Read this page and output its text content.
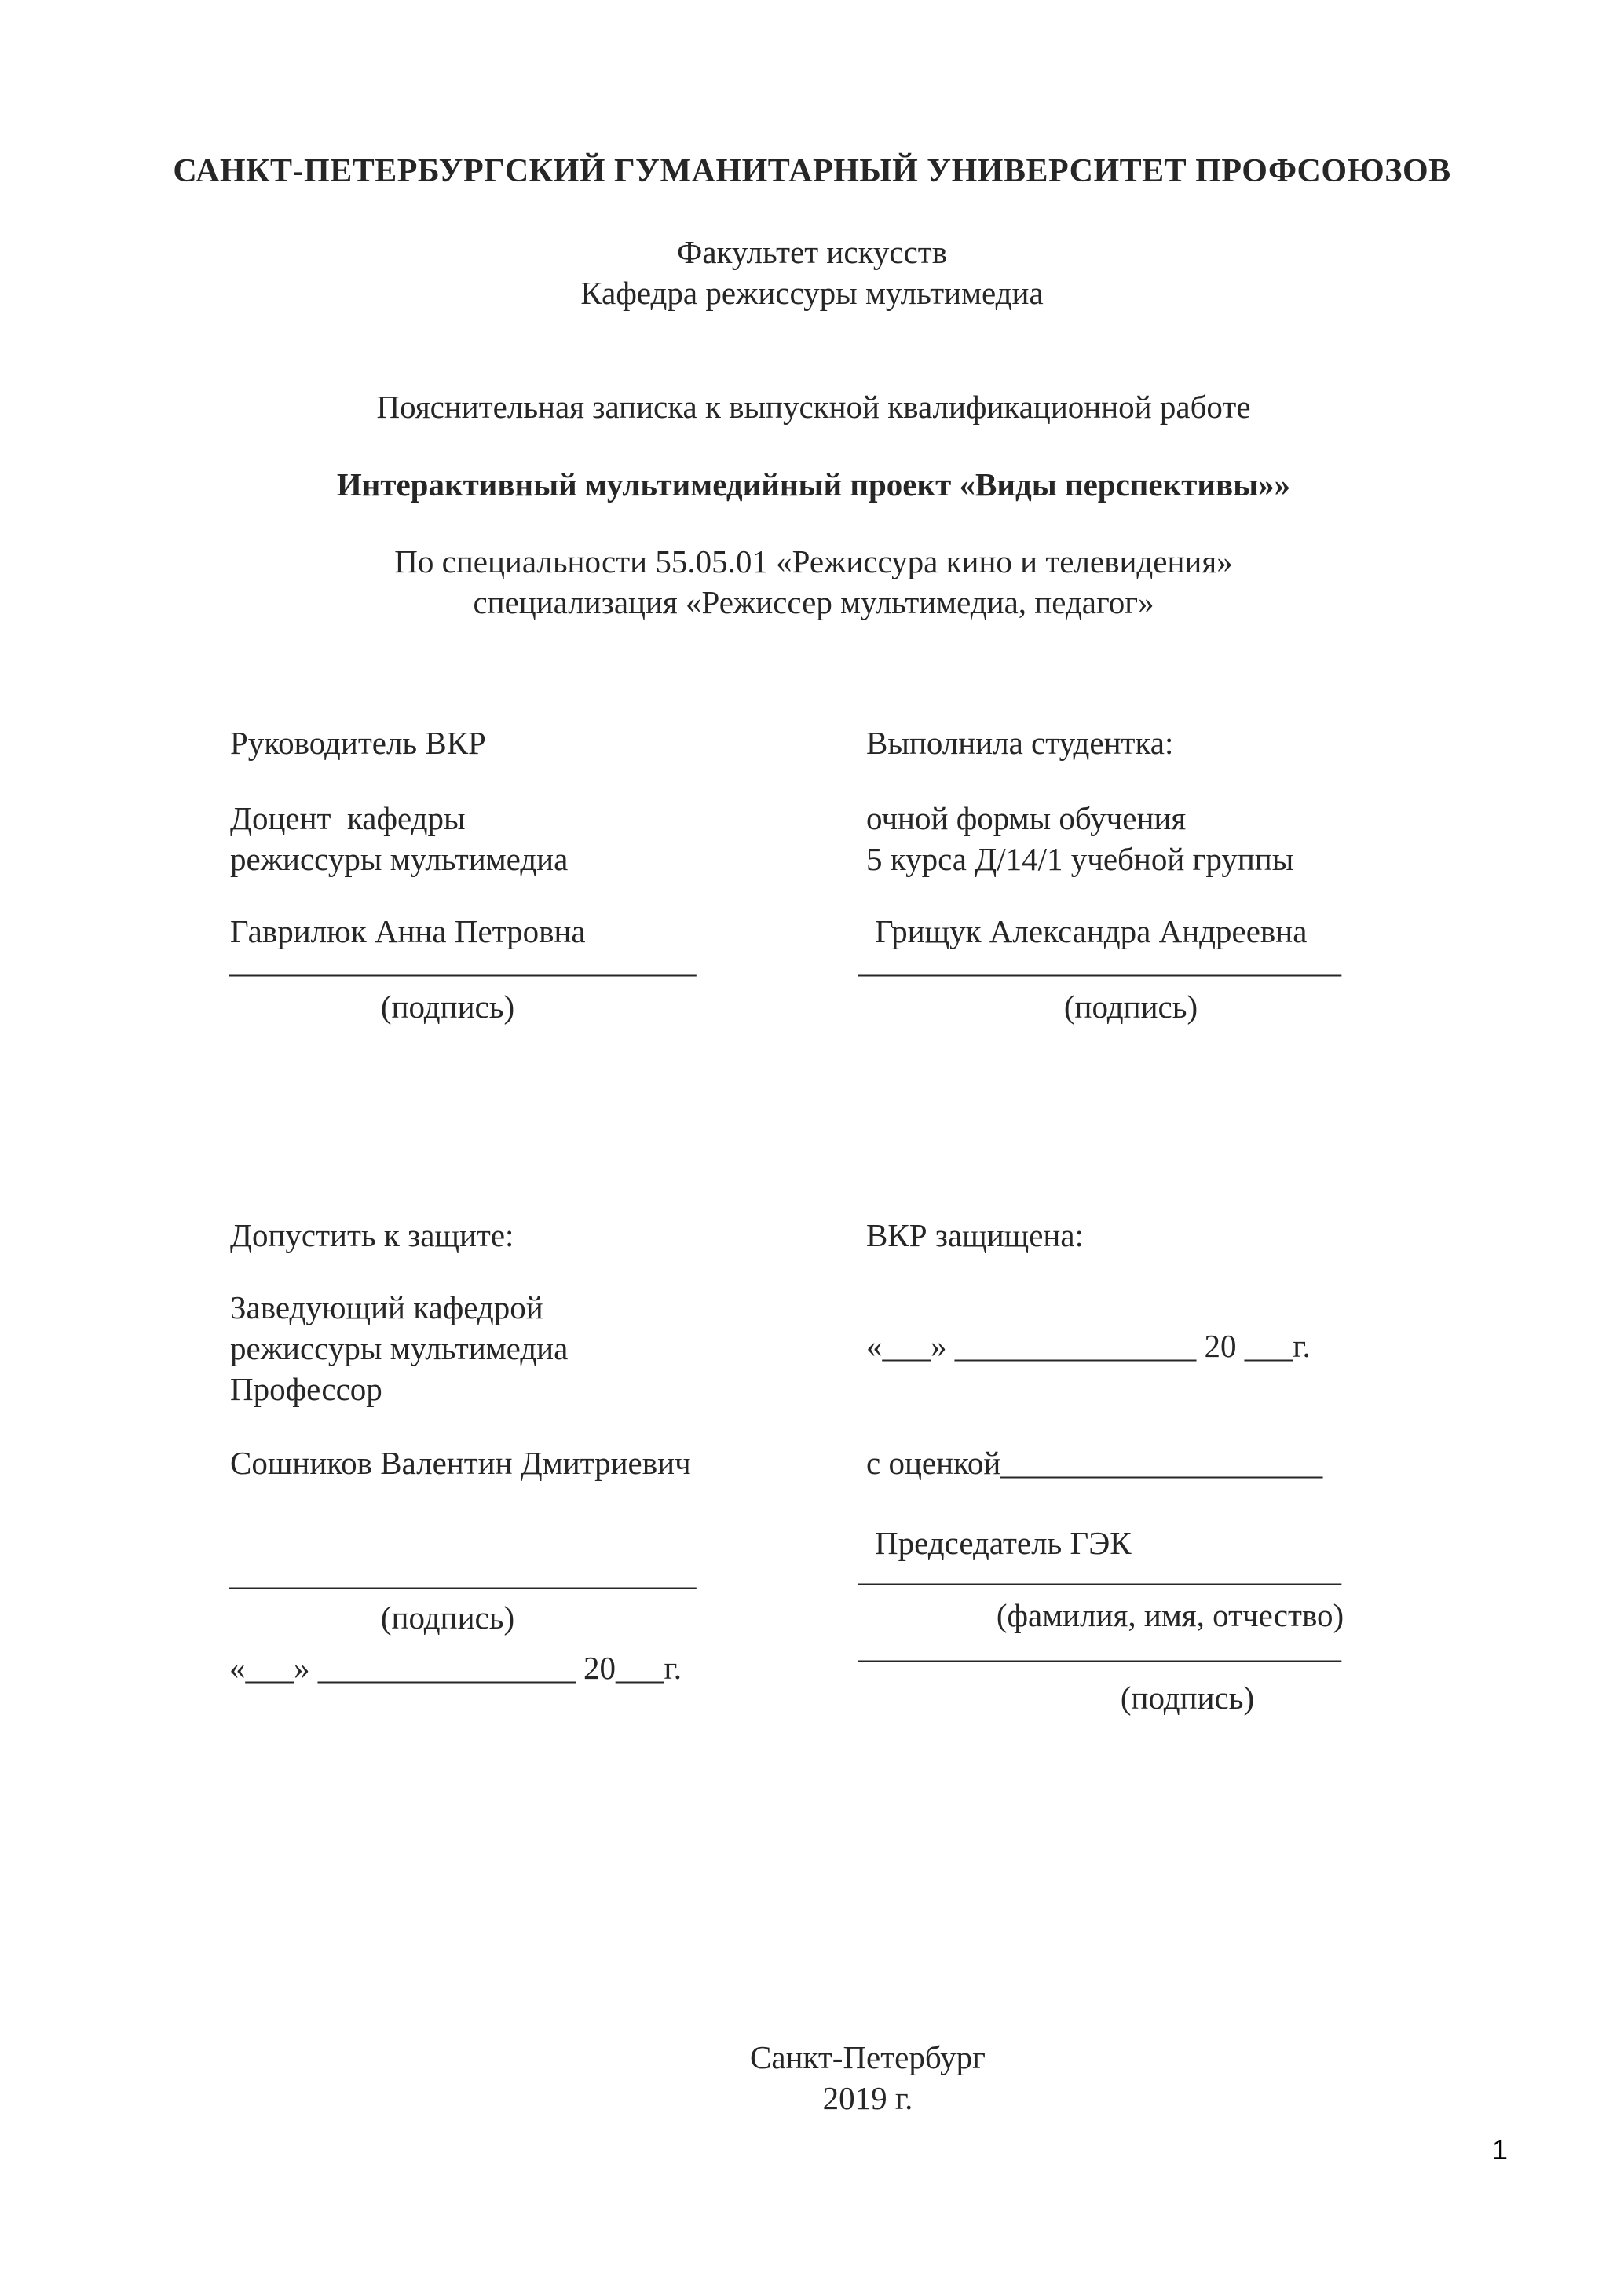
САНКТ-ПЕТЕРБУРГСКИЙ ГУМАНИТАРНЫЙ УНИВЕРСИТЕТ ПРОФСОЮЗОВ
Факультет искусств
Кафедра режиссуры мультимедиа
Пояснительная записка к выпускной квалификационной работе
Интерактивный мультимедийный проект «Виды перспективы»»
По специальности 55.05.01 «Режиссура кино и телевидения»
специализация «Режиссер мультимедиа, педагог»
Руководитель ВКР
Доцент  кафедры
режиссуры мультимедиа
Гаврилюк Анна Петровна
_____________________________
(подпись)
Выполнила студентка:
очной формы обучения
5 курса Д/14/1 учебной группы
Грищук Александра Андреевна
______________________________
(подпись)
Допустить к защите:
Заведующий кафедрой
режиссуры мультимедиа
Профессор
Сошников Валентин Дмитриевич
_____________________________
(подпись)
«___» ________________ 20___г.
ВКР защищена:
«___» _______________ 20 ___г.
с оценкой____________________
Председатель ГЭК
______________________________
(фамилия, имя, отчество)
______________________________
(подпись)
Санкт-Петербург
2019 г.
1
